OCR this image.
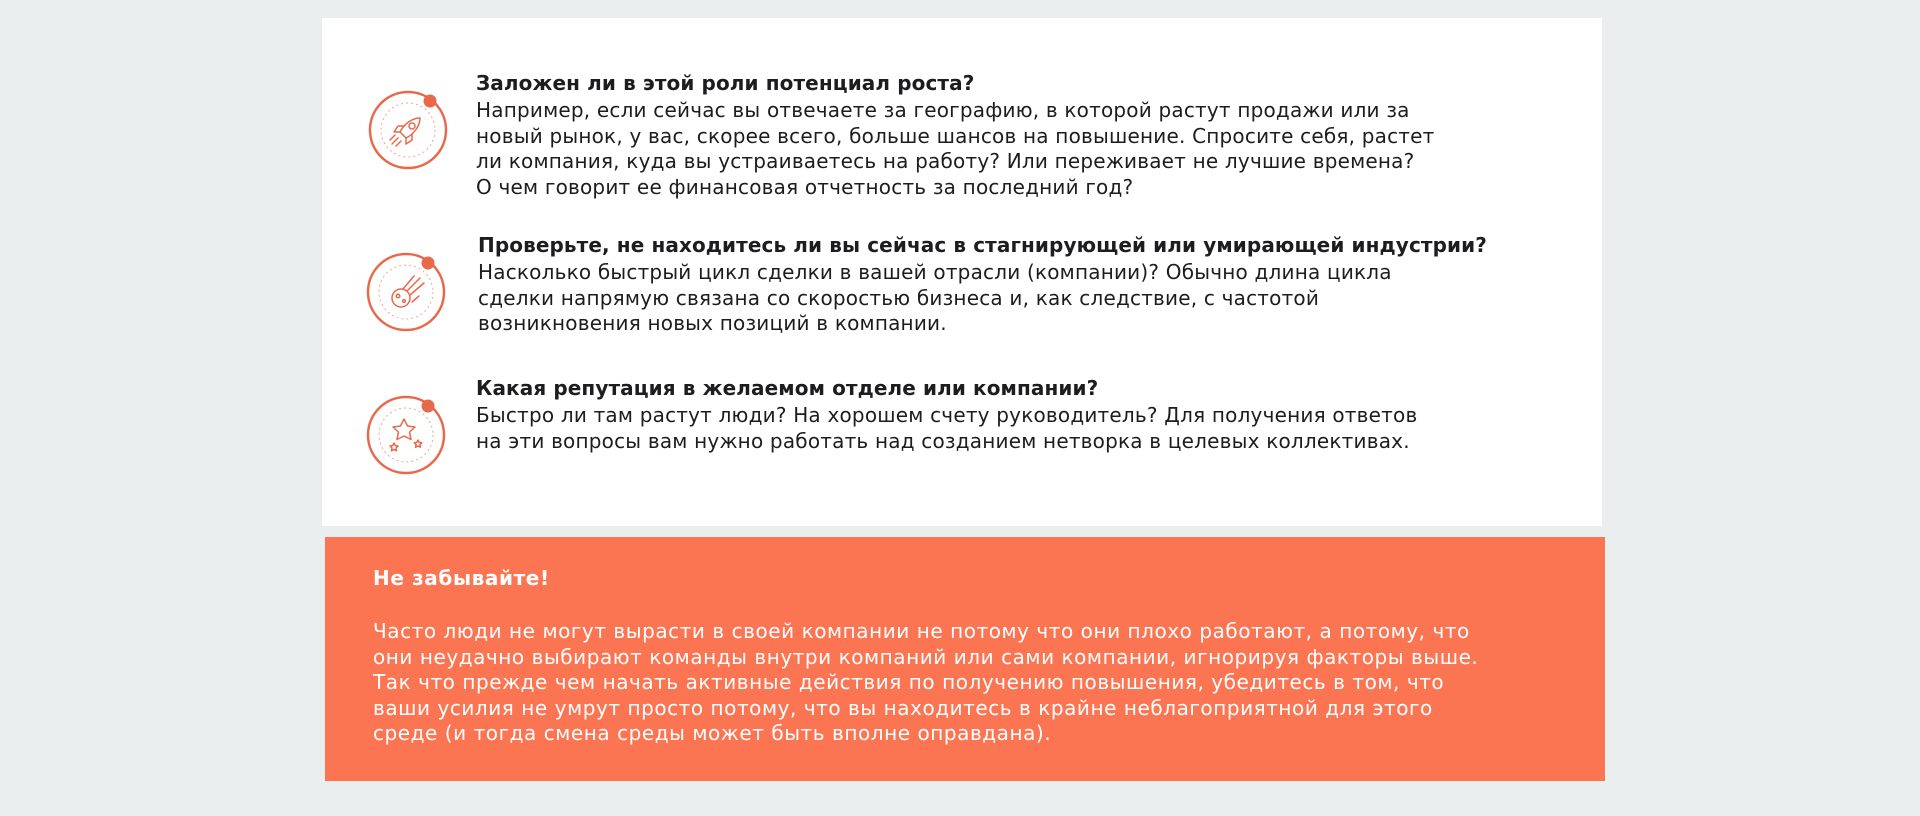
Заложен ли в этой роли потенциал роста?

Например, если сейчас вы отвечаете за географию, в которой растут продажи или за
новый рынок, у вас, скорее всего, больше шансов на повышение. Спросите себя, растет
ли компания, куда вы устраиваетесь на работу? Или переживает не лучшие времена?
О чем говорит ее финансовая отчетность за последний год?

Проверьте, не находитесь ли вы сейчас в стагнирующей или умирающей индустрии?

Насколько быстрый цикл сделки в вашей отрасли (компании)? Обычно длина цикла
сделки напрямую связана со скоростью бизнеса и, как следствие, с частотой
возникновения новых позиций в компании.

Какая репутация в желаемом отделе или компании?

Быстро ли там растут люди? На хорошем счету руководитель? Для получения ответов
на эти вопросы вам нужно работать над созданием нетворка в целевых коллективах.

Не забывайте!

Часто люди не могут вырасти в своей компании не потому что они плохо работают, а потому, что
они неудачно выбирают команды внутри компаний или сами компании, игнорируя факторы выше.
Так что прежде чем начать активные действия по получению повышения, убедитесь в том, что
ваши усилия не умрут просто потому, что вы находитесь в крайне неблагоприятной для этого
среде (и тогда смена среды может быть вполне оправдана).
